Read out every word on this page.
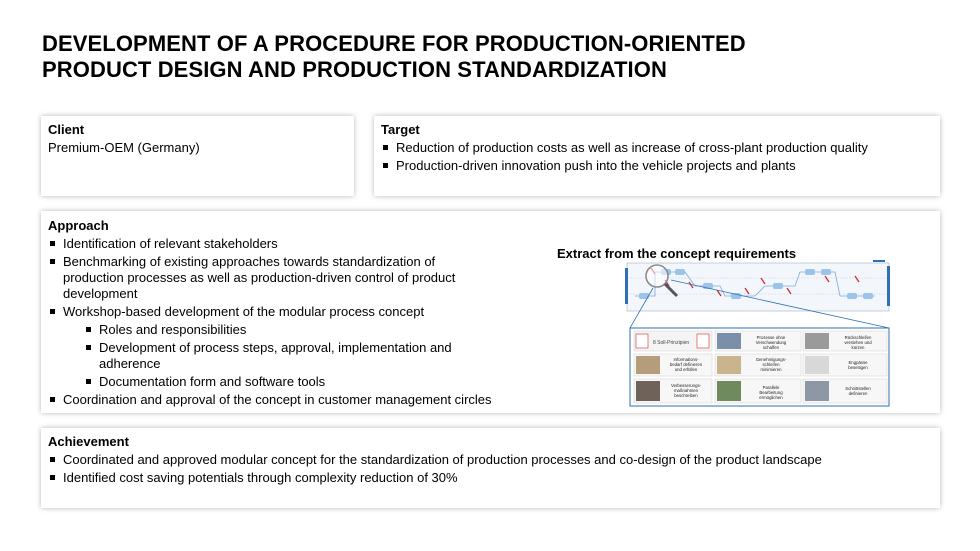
DEVELOPMENT OF A PROCEDURE FOR PRODUCTION-ORIENTED
PRODUCT DESIGN AND PRODUCTION STANDARDIZATION
Client
Premium-OEM (Germany)
Target
Reduction of production costs as well as increase of cross-plant production quality
Production-driven innovation push into the vehicle projects and plants
Approach
Identification of relevant stakeholders
Benchmarking of existing approaches towards standardization of production processes as well as production-driven control of product development
Workshop-based development of the modular process concept
Roles and responsibilities
Development of process steps, approval, implementation and adherence
Documentation form and software tools
Coordination and approval of the concept in customer management circles
Extract from the concept requirements
8 Soll-Prinzipien
Prozesse ohne
Verschwendung
schaffen
Rückschleifen
verstehen und
kürzen
Informations-
bedarf definieren
und erfüllen
Genehmigungs-
schleifen
minimieren
Engpässe
beseitigen
Verbesserungs-
maßnahmen
beschreiben
Parallele
Bearbeitung
ermöglichen
Schnittstellen
definieren
Achievement
Coordinated and approved modular concept for the standardization of production processes and co-design of the product landscape
Identified cost saving potentials through complexity reduction of 30%
